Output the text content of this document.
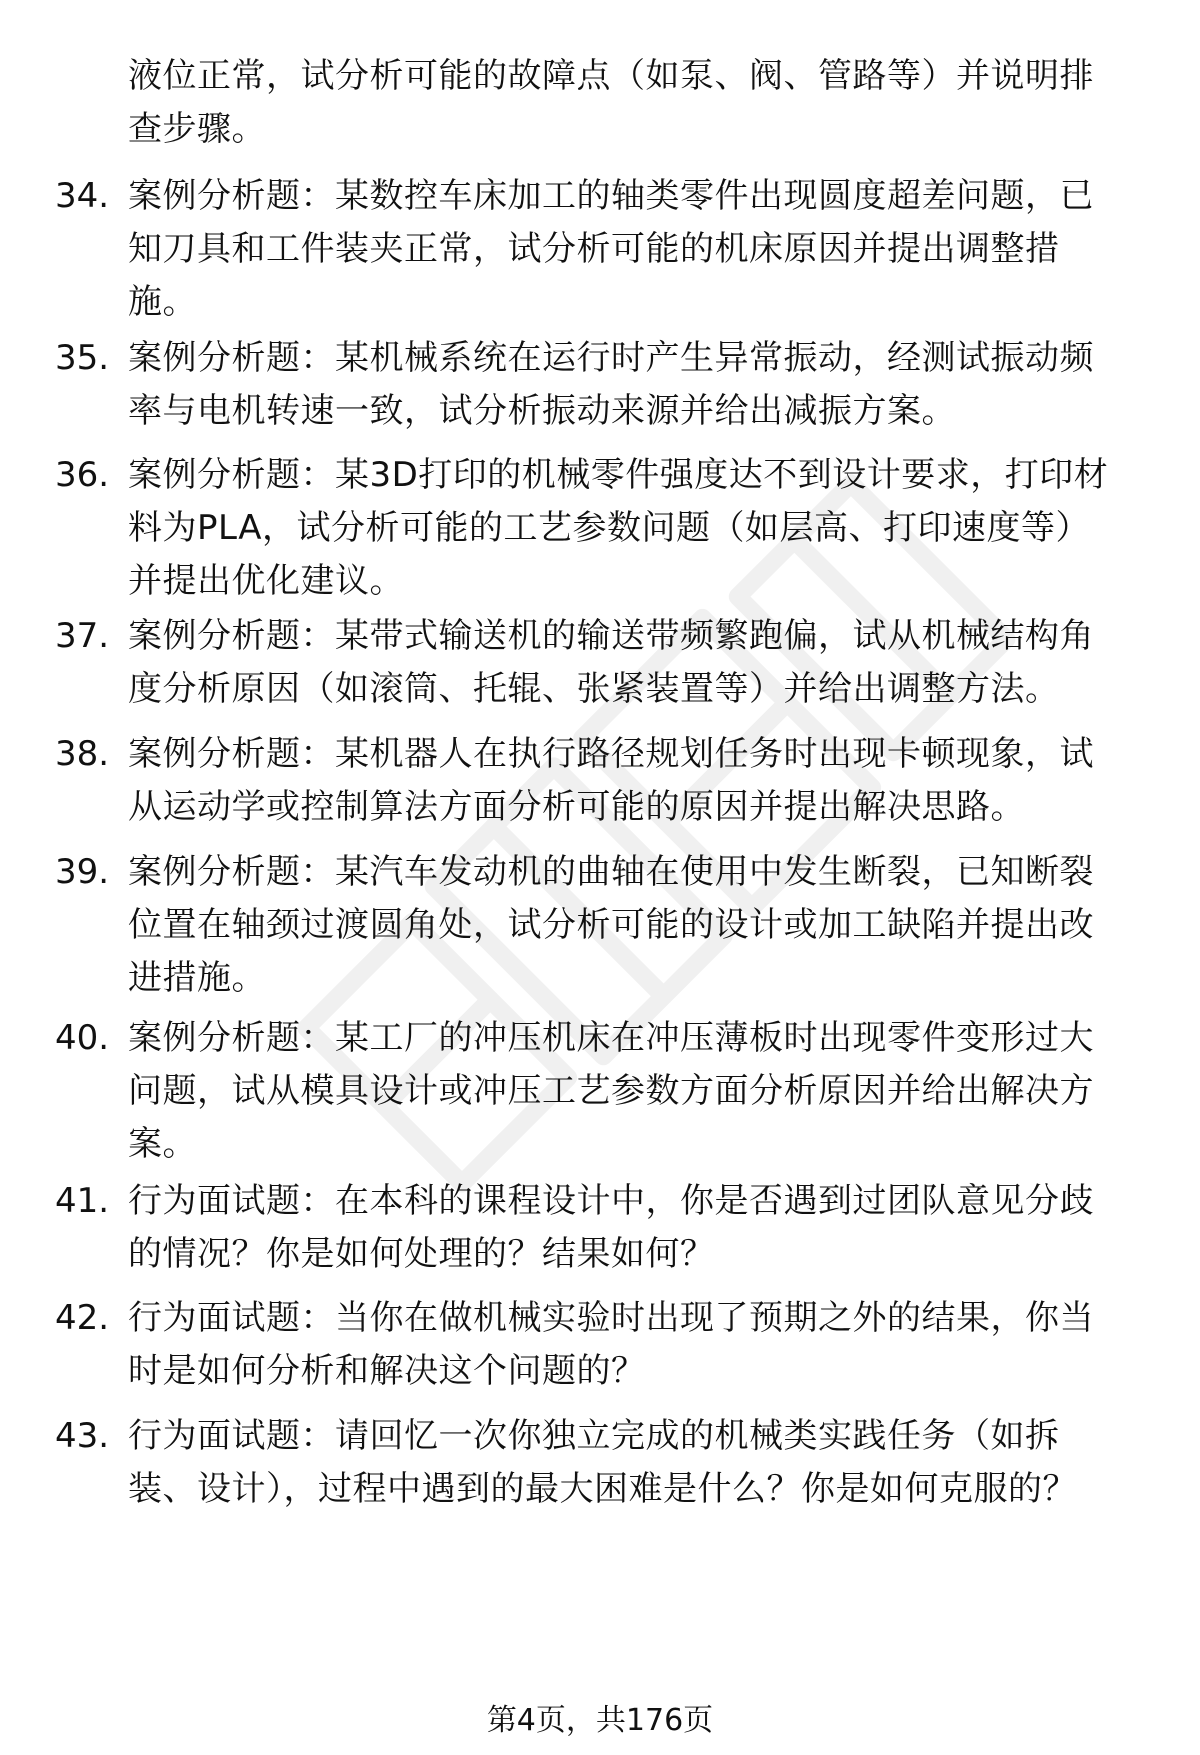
液位正常，试分析可能的故障点（如泵、阀、管路等）并说明排

查步骤。

34. 案例分析题：某数控车床加工的轴类零件出现圆度超差问题，已
知刀具和工件装夹正常，试分析可能的机床原因并提出调整措
施。

35. 案例分析题：某机械系统在运行时产生异常振动，经测试振动频
率与电机转速一致，试分析振动来源并给出减振方案。

36. 案例分析题：某3D打印的机械零件强度达不到设计要求，打印材
料为PLA，试分析可能的工艺参数问题（如层高、打印速度等）
并提出优化建议。

37. 案例分析题：某带式输送机的输送带频繁跑偏，试从机械结构角
度分析原因（如滚筒、托辊、张紧装置等）并给出调整方法。

38. 案例分析题：某机器人在执行路径规划任务时出现卡顿现象，试
从运动学或控制算法方面分析可能的原因并提出解决思路。

39. 案例分析题：某汽车发动机的曲轴在使用中发生断裂，已知断裂
位置在轴颈过渡圆角处，试分析可能的设计或加工缺陷并提出改
进措施。

40. 案例分析题：某工厂的冲压机床在冲压薄板时出现零件变形过大
问题，试从模具设计或冲压工艺参数方面分析原因并给出解决方
案。

41. 行为面试题：在本科的课程设计中，你是否遇到过团队意见分歧
的情况？你是如何处理的？结果如何？

42. 行为面试题：当你在做机械实验时出现了预期之外的结果，你当
时是如何分析和解决这个问题的？

43. 行为面试题：请回忆一次你独立完成的机械类实践任务（如拆
装、设计），过程中遇到的最大困难是什么？你是如何克服的？

第4页，共176页
